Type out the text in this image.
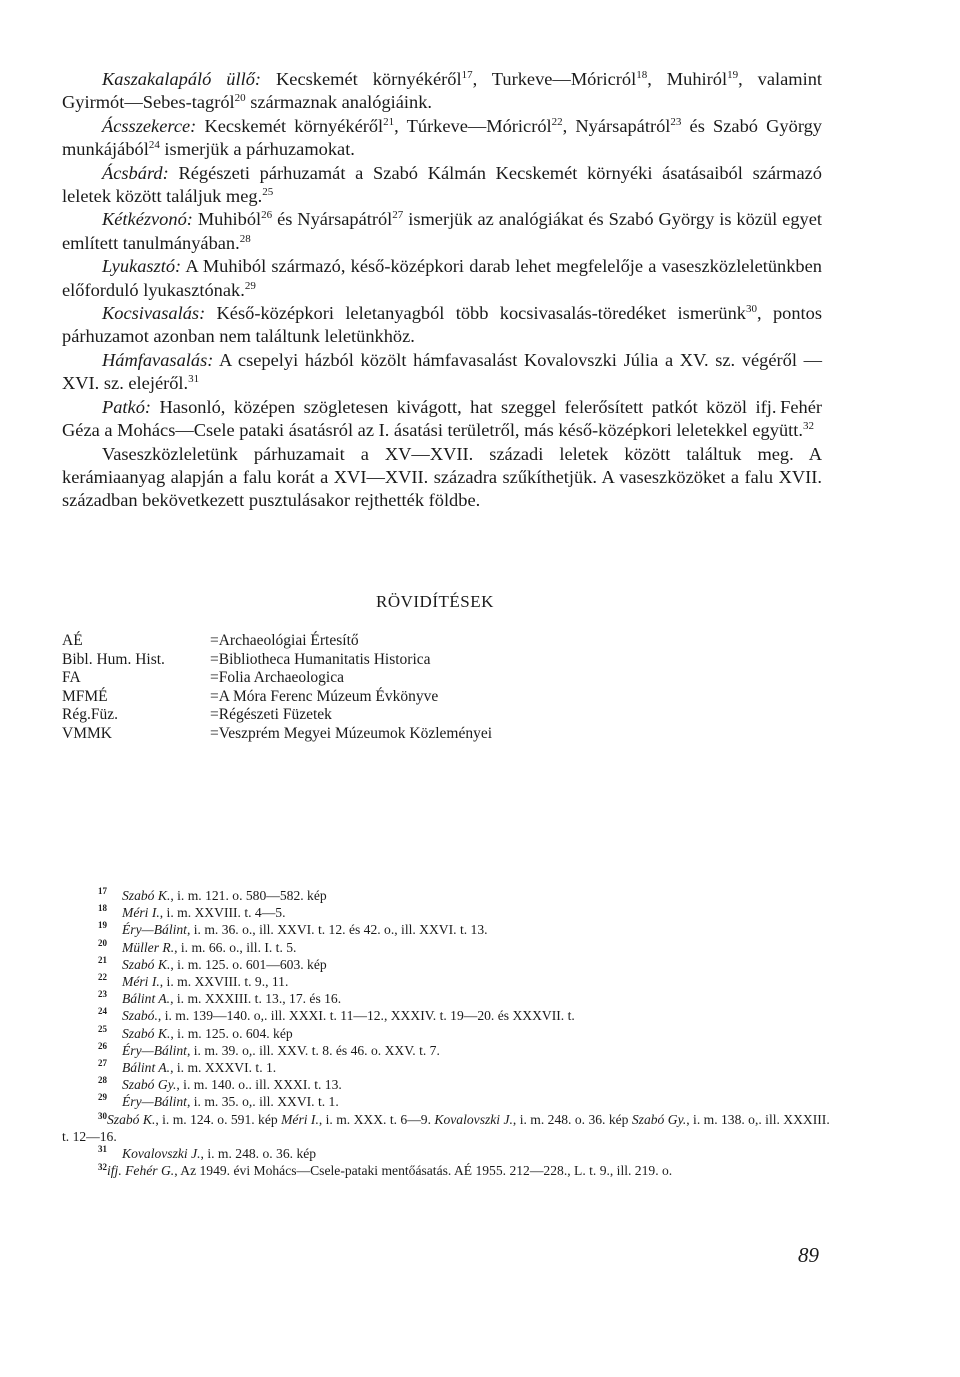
Kaszakalapáló üllő: Kecskemét környékéről$^{17}$, Turkeve—Móricról$^{18}$, Muhiról$^{19}$, valamint Gyirmót—Sebes-tagról$^{20}$ származnak analógiáink.

Ácsszekerce: Kecskemét környékéről$^{21}$, Túrkeve—Móricról$^{22}$, Nyársapátról$^{23}$ és Szabó György munkájából$^{24}$ ismerjük a párhuzamokat.

Ácsbárd: Régészeti párhuzamát a Szabó Kálmán Kecskemét környéki ásatásaiból származó leletek között találjuk meg.$^{25}$

Kétkézvonó: Muhiból$^{26}$ és Nyársapátról$^{27}$ ismerjük az analógiákat és Szabó György is közül egyet említett tanulmányában.$^{28}$

Lyukasztó: A Muhiból származó, késő-középkori darab lehet megfelelője a vaseszközleletünkben előforduló lyukasztónak.$^{29}$

Kocsivasalás: Késő-középkori leletanyagból több kocsivasalás-töredéket ismerünk$^{30}$, pontos párhuzamot azonban nem találtunk leletünkhöz.

Hámfavasalás: A csepelyi házból közölt hámfavasalást Kovalovszki Júlia a XV. sz. végéről — XVI. sz. elejéről.$^{31}$

Patkó: Hasonló, középen szögletesen kivágott, hat szeggel felerősített patkót közöl ifj. Fehér Géza a Mohács—Csele pataki ásatásról az I. ásatási területről, más késő-középkori leletekkel együtt.$^{32}$

Vaseszközleletünk párhuzamait a XV—XVII. századi leletek között találtuk meg. A kerámiaanyag alapján a falu korát a XVI—XVII. századra szűkíthetjük. A vaseszközöket a falu XVII. században bekövetkezett pusztulásakor rejthették földbe.

RÖVIDÍTÉSEK
AÉ	=Archaeológiai Értesítő
Bibl. Hum. Hist.	=Bibliotheca Humanitatis Historica
FA	=Folia Archaeologica
MFMÉ	=A Móra Ferenc Múzeum Évkönyve
Rég.Füz.	=Régészeti Füzetek
VMMK	=Veszprém Megyei Múzeumok Közleményei
17 Szabó K., i. m. 121. o. 580—582. kép
18 Méri I., i. m. XXVIII. t. 4—5.
19 Éry—Bálint, i. m. 36. o., ill. XXVI. t. 12. és 42. o., ill. XXVI. t. 13.
20 Müller R., i. m. 66. o., ill. I. t. 5.
21 Szabó K., i. m. 125. o. 601—603. kép
22 Méri I., i. m. XXVIII. t. 9., 11.
23 Bálint A., i. m. XXXIII. t. 13., 17. és 16.
24 Szabó., i. m. 139—140. o,. ill. XXXI. t. 11—12., XXXIV. t. 19—20. és XXXVII. t.
25 Szabó K., i. m. 125. o. 604. kép
26 Éry—Bálint, i. m. 39. o,. ill. XXV. t. 8. és 46. o. XXV. t. 7.
27 Bálint A., i. m. XXXVI. t. 1.
28 Szabó Gy., i. m. 140. o.. ill. XXXI. t. 13.
29 Éry—Bálint, i. m. 35. o,. ill. XXVI. t. 1.
$^{30}$Szabó K., i. m. 124. o. 591. kép Méri I., i. m. XXX. t. 6—9. Kovalovszki J., i. m. 248. o. 36. kép Szabó Gy., i. m. 138. o,. ill. XXXIII. t. 12—16.
31 Kovalovszki J., i. m. 248. o. 36. kép
$^{32}$ifj. Fehér G., Az 1949. évi Mohács—Csele-pataki mentőásatás. AÉ 1955. 212—228., L. t. 9., ill. 219. o.
89
